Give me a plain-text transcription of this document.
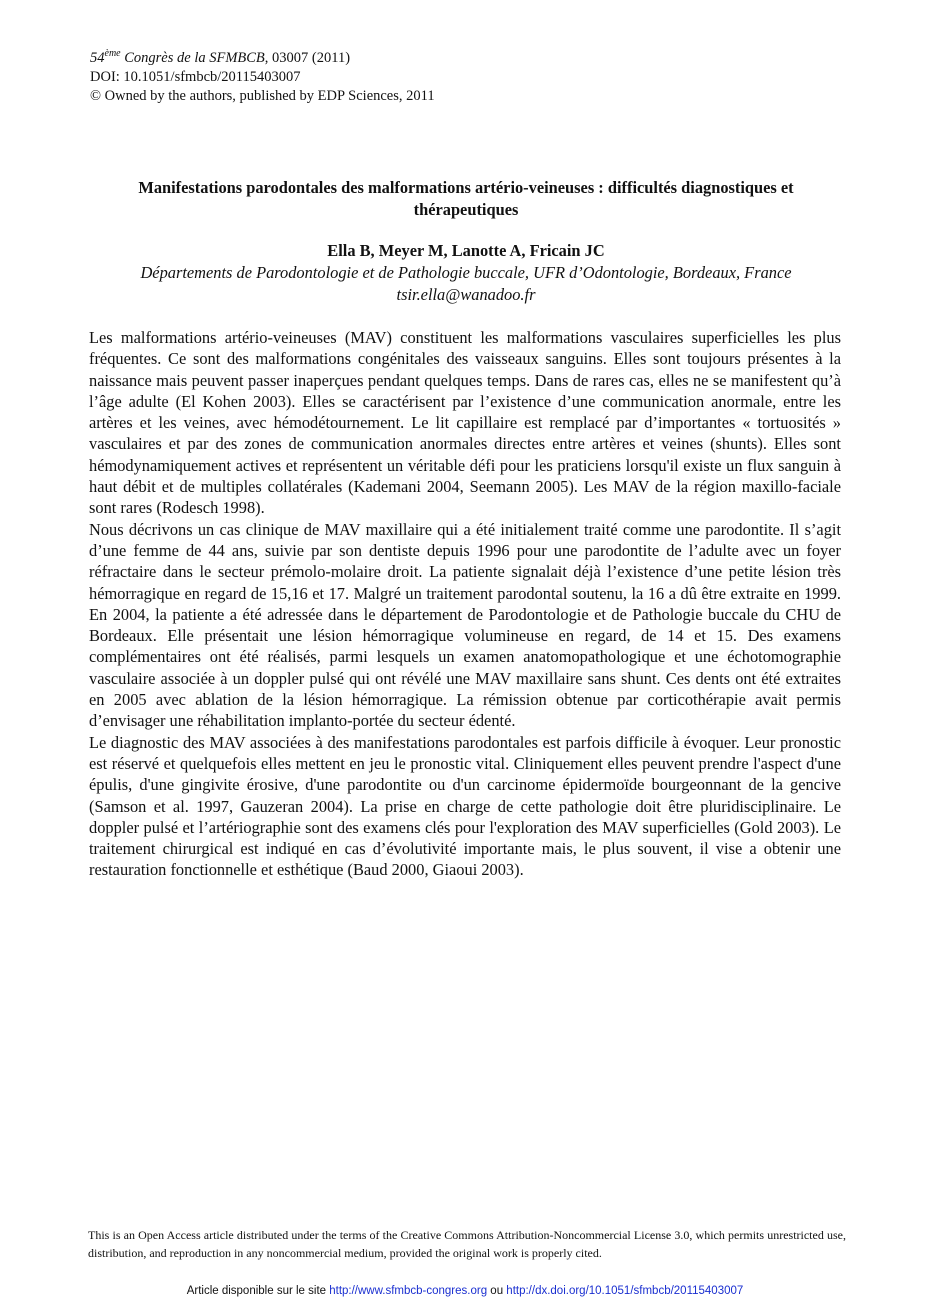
54ème Congrès de la SFMBCB, 03007 (2011)
DOI: 10.1051/sfmbcb/20115403007
© Owned by the authors, published by EDP Sciences, 2011
Manifestations parodontales des malformations artério-veineuses : difficultés diagnostiques et thérapeutiques
Ella B, Meyer M, Lanotte A, Fricain JC
Départements de Parodontologie et de Pathologie buccale, UFR d’Odontologie, Bordeaux, France
tsir.ella@wanadoo.fr

Les malformations artério-veineuses (MAV) constituent les malformations vasculaires superficielles les plus fréquentes. Ce sont des malformations congénitales des vaisseaux sanguins. Elles sont toujours présentes à la naissance mais peuvent passer inaperçues pendant quelques temps. Dans de rares cas, elles ne se manifestent qu’à l’âge adulte (El Kohen 2003). Elles se caractérisent par l’existence d’une communication anormale, entre les artères et les veines, avec hémodétournement. Le lit capillaire est remplacé par d’importantes « tortuosités » vasculaires et par des zones de communication anormales directes entre artères et veines (shunts). Elles sont hémodynamiquement actives et représentent un véritable défi pour les praticiens lorsqu'il existe un flux sanguin à haut débit et de multiples collatérales (Kademani 2004, Seemann 2005). Les MAV de la région maxillo-faciale sont rares (Rodesch 1998).

Nous décrivons un cas clinique de MAV maxillaire qui a été initialement traité comme une parodontite. Il s’agit d’une femme de 44 ans, suivie par son dentiste depuis 1996 pour une parodontite de l’adulte avec un foyer réfractaire dans le secteur prémolo-molaire droit. La patiente signalait déjà l’existence d’une petite lésion très hémorragique en regard de 15,16 et 17. Malgré un traitement parodontal soutenu, la 16 a dû être extraite en 1999. En 2004, la patiente a été adressée dans le département de Parodontologie et de Pathologie buccale du CHU de Bordeaux. Elle présentait une lésion hémorragique volumineuse en regard, de 14 et 15. Des examens complémentaires ont été réalisés, parmi lesquels un examen anatomopathologique et une échotomographie vasculaire associée à un doppler pulsé qui ont révélé une MAV maxillaire sans shunt. Ces dents ont été extraites en 2005 avec ablation de la lésion hémorragique. La rémission obtenue par corticothérapie avait permis d’envisager une réhabilitation implanto-portée du secteur édenté.

Le diagnostic des MAV associées à des manifestations parodontales est parfois difficile à évoquer. Leur pronostic est réservé et quelquefois elles mettent en jeu le pronostic vital. Cliniquement elles peuvent prendre l'aspect d'une épulis, d'une gingivite érosive, d'une parodontite ou d'un carcinome épidermoïde bourgeonnant de la gencive (Samson et al. 1997, Gauzeran 2004). La prise en charge de cette pathologie doit être pluridisciplinaire. Le doppler pulsé et l’artériographie sont des examens clés pour l'exploration des MAV superficielles (Gold 2003). Le traitement chirurgical est indiqué en cas d’évolutivité importante mais, le plus souvent, il vise a obtenir une restauration fonctionnelle et esthétique (Baud 2000, Giaoui 2003).

This is an Open Access article distributed under the terms of the Creative Commons Attribution-Noncommercial License 3.0, which permits unrestricted use, distribution, and reproduction in any noncommercial medium, provided the original work is properly cited.
Article disponible sur le site http://www.sfmbcb-congres.org ou http://dx.doi.org/10.1051/sfmbcb/20115403007
